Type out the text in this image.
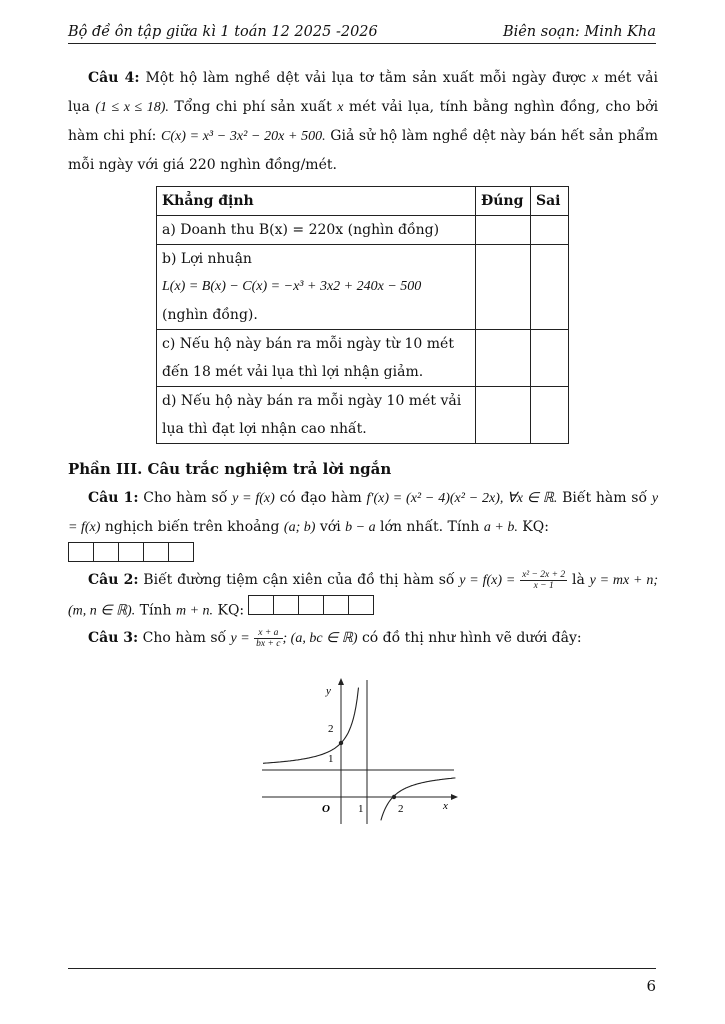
Bộ đề ôn tập giữa kì 1 toán 12 2025 -2026	Biên soạn: Minh Kha
Câu 4: Một hộ làm nghề dệt vải lụa tơ tằm sản xuất mỗi ngày được x mét vải lụa (1 ≤ x ≤ 18). Tổng chi phí sản xuất x mét vải lụa, tính bằng nghìn đồng, cho bởi hàm chi phí: C(x) = x³ − 3x² − 20x + 500. Giả sử hộ làm nghề dệt này bán hết sản phẩm mỗi ngày với giá 220 nghìn đồng/mét.
Khẳng định	Đúng	Sai
a) Doanh thu B(x) = 220x (nghìn đồng)		

b) Lợi nhuận
L(x) = B(x) − C(x) = −x³ + 3x2 + 240x − 500
(nghìn đồng).		

c) Nếu hộ này bán ra mỗi ngày từ 10 mét
đến 18 mét vải lụa thì lợi nhận giảm.		

d) Nếu hộ này bán ra mỗi ngày 10 mét vải
lụa thì đạt lợi nhận cao nhất.		

Phần III. Câu trắc nghiệm trả lời ngắn
Câu 1: Cho hàm số y = f(x) có đạo hàm f′(x) = (x² − 4)(x² − 2x), ∀x ∈ ℝ. Biết hàm số y = f(x) nghịch biến trên khoảng (a; b) với b − a lớn nhất. Tính a + b. KQ:

Câu 2: Biết đường tiệm cận xiên của đồ thị hàm số $y = f(x) = \frac{\text{x² − 2x + 2}}{x - 1}$ là y = mx + n; (m, n ∈ ℝ). Tính m + n. KQ:
Câu 3: Cho hàm số $y = \frac{x + a}{bx + c}$ ; (a, bc ∈ ℝ) có đồ thị như hình vẽ dưới đây:
y
x
O
2
1
1	2
6
